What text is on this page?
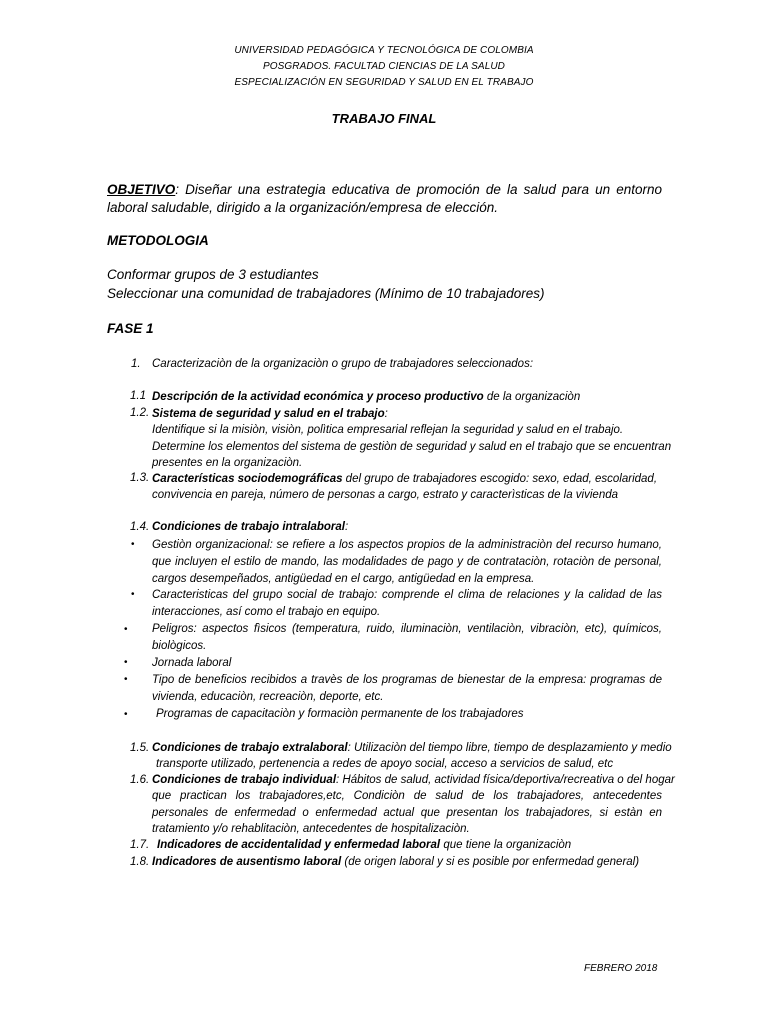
UNIVERSIDAD PEDAGÓGICA Y TECNOLÓGICA DE COLOMBIA
POSGRADOS. FACULTAD CIENCIAS DE LA SALUD
ESPECIALIZACIÓN EN SEGURIDAD Y SALUD EN EL TRABAJO
TRABAJO FINAL
OBJETIVO: Diseñar una estrategia educativa de promoción de la salud para un entorno laboral saludable, dirigido a la organización/empresa de elección.
METODOLOGIA
Conformar grupos de 3 estudiantes
Seleccionar una comunidad de trabajadores (Mínimo de 10 trabajadores)
FASE 1
1. Caracterizaciòn de la organizaciòn o grupo de trabajadores seleccionados:
1.1 Descripción de la actividad económica y proceso productivo de la organizaciòn
1.2. Sistema de seguridad y salud en el trabajo:
Identifique si la misiòn, visiòn, polìtica empresarial reflejan la seguridad y salud en el trabajo.
Determine los elementos del sistema de gestiòn de seguridad y salud en el trabajo que se encuentran
presentes en la organizaciòn.
1.3. Características sociodemográficas del grupo de trabajadores escogido: sexo, edad, escolaridad,
convivencia en pareja, número de personas a cargo, estrato y caracterìsticas de la vivienda
1.4. Condiciones de trabajo intralaboral:
• Gestiòn organizacional: se refiere a los aspectos propios de la administraciòn del recurso humano, que incluyen el estilo de mando, las modalidades de pago y de contrataciòn, rotaciòn de personal, cargos desempeñados, antigüedad en el cargo, antigüedad en la empresa.
• Caracteristicas del grupo social de trabajo: comprende el clima de relaciones y la calidad de las interacciones, así como el trabajo en equipo.
• Peligros: aspectos fìsicos (temperatura, ruido, iluminaciòn, ventilaciòn, vibraciòn, etc), químicos, biològicos.
• Jornada laboral
• Tipo de beneficios recibidos a travès de los programas de bienestar de la empresa: programas de vivienda, educaciòn, recreaciòn, deporte, etc.
• Programas de capacitaciòn y formaciòn permanente de los trabajadores
1.5. Condiciones de trabajo extralaboral: Utilizaciòn del tiempo libre, tiempo de desplazamiento y medio
transporte utilizado, pertenencia a redes de apoyo social, acceso a servicios de salud, etc
1.6. Condiciones de trabajo individual: Hábitos de salud, actividad física/deportiva/recreativa o del hogar
que practican los trabajadores,etc, Condiciòn de salud de los trabajadores, antecedentes personales de enfermedad o enfermedad actual que presentan los trabajadores, si estàn en tratamiento y/o rehablitaciòn, antecedentes de hospitalizaciòn.
1.7. Indicadores de accidentalidad y enfermedad laboral que tiene la organizaciòn
1.8. Indicadores de ausentismo laboral (de origen laboral y si es posible por enfermedad general)
FEBRERO 2018
